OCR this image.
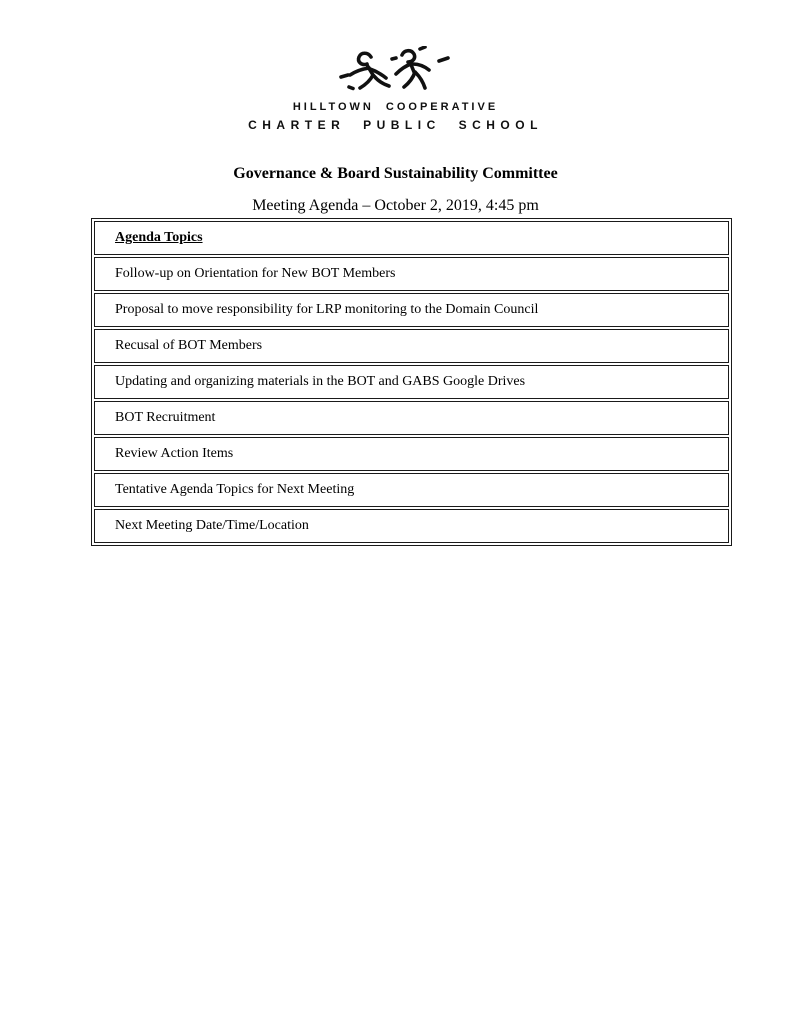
HILLTOWN COOPERATIVE
CHARTER PUBLIC SCHOOL
Governance & Board Sustainability Committee

Meeting Agenda – October 2, 2019, 4:45 pm

Agenda Topics
Follow-up on Orientation for New BOT Members
Proposal to move responsibility for LRP monitoring to the Domain Council
Recusal of BOT Members
Updating and organizing materials in the BOT and GABS Google Drives
BOT Recruitment
Review Action Items
Tentative Agenda Topics for Next Meeting
Next Meeting Date/Time/Location
